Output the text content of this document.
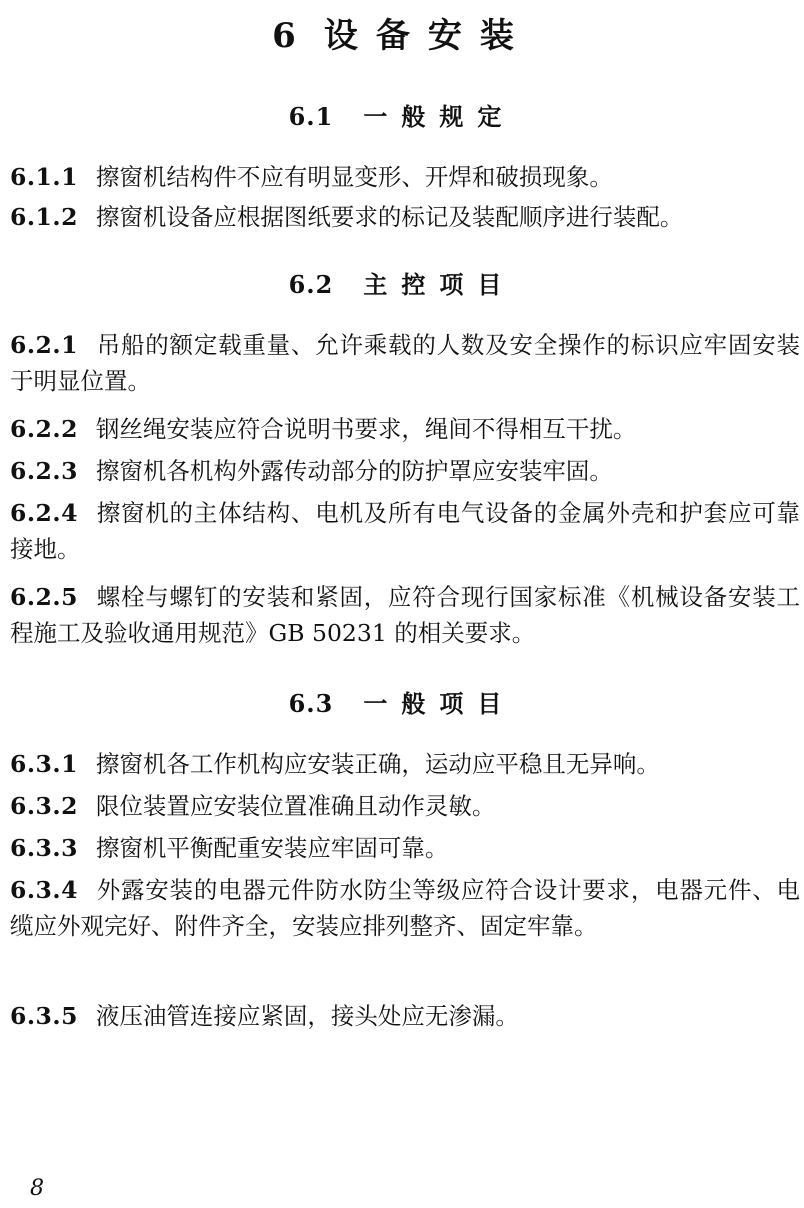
6 设备安装
6.1 一般规定
6.1.1 擦窗机结构件不应有明显变形、开焊和破损现象。
6.1.2 擦窗机设备应根据图纸要求的标记及装配顺序进行装配。
6.2 主控项目
6.2.1 吊船的额定载重量、允许乘载的人数及安全操作的标识应牢固安装于明显位置。
6.2.2 钢丝绳安装应符合说明书要求，绳间不得相互干扰。
6.2.3 擦窗机各机构外露传动部分的防护罩应安装牢固。
6.2.4 擦窗机的主体结构、电机及所有电气设备的金属外壳和护套应可靠接地。
6.2.5 螺栓与螺钉的安装和紧固，应符合现行国家标准《机械设备安装工程施工及验收通用规范》GB 50231 的相关要求。
6.3 一般项目
6.3.1 擦窗机各工作机构应安装正确，运动应平稳且无异响。
6.3.2 限位装置应安装位置准确且动作灵敏。
6.3.3 擦窗机平衡配重安装应牢固可靠。
6.3.4 外露安装的电器元件防水防尘等级应符合设计要求，电器元件、电缆应外观完好、附件齐全，安装应排列整齐、固定牢靠。
6.3.5 液压油管连接应紧固，接头处应无渗漏。
8
